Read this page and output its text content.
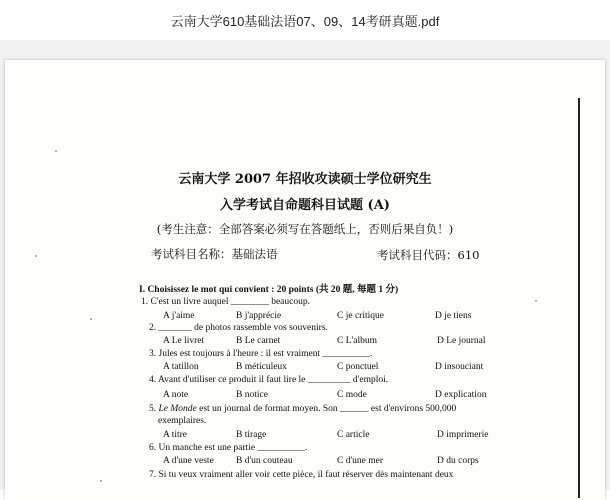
云南大学610基础法语07、09、14考研真题.pdf
云南大学 2007 年招收攻读硕士学位研究生
入学考试自命题科目试题 (A)
(考生注意：全部答案必须写在答题纸上，否则后果自负！)
考试科目名称：基础法语	考试科目代码：610
I. Choisissez le mot qui convient : 20 points (共 20 题, 每题 1 分)
1. C'est un livre auquel ________ beaucoup.
A j'aime	B j'apprécie	C je critique	D je tiens
2. _______ de photos rassemble vos souvenirs.
A Le livret	B Le carnet	C L'album	D Le journal
3. Jules est toujours à l'heure : il est vraiment __________.
A tatillon	B méticuleux	C ponctuel	D insouciant
4. Avant d'utiliser ce produit il faut lire le _________ d'emploi.
A note	B notice	C mode	D explication
5. Le Monde est un journal de format moyen. Son ______ est d'environs 500,000
exemplaires.
A titre	B tirage	C article	D imprimerie
6. Un manche est une partie __________.
A d'une veste B d'un couteau	C d'une mer	D du corps
7. Si tu veux vraiment aller voir cette pièce, il faut réserver dès maintenant deux
